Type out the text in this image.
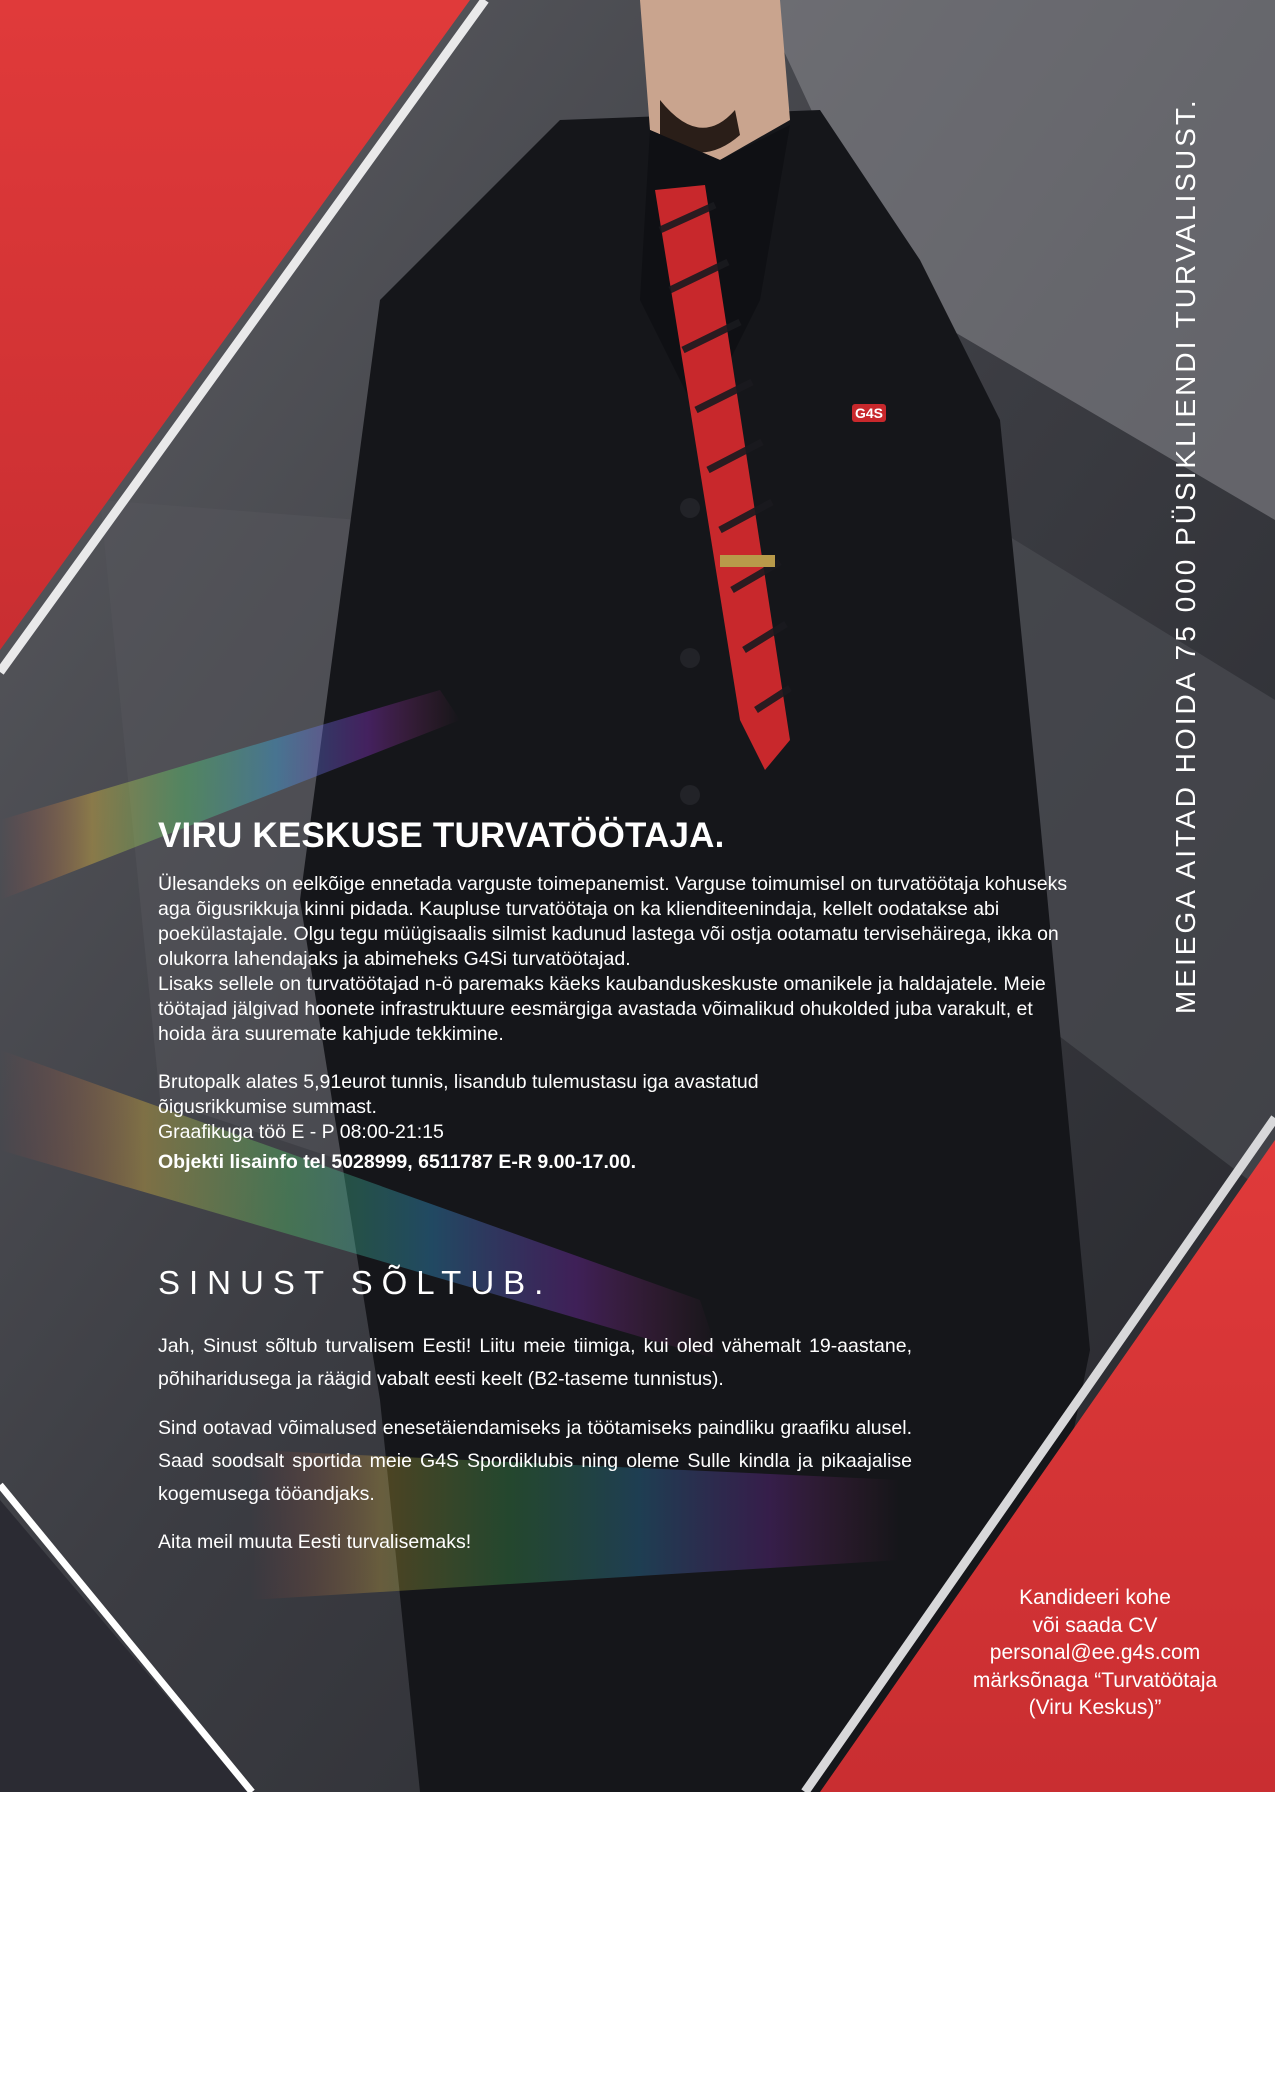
VIRU KESKUSE TURVATÖÖTAJA.

Ülesandeks on eelkõige ennetada varguste toimepanemist. Varguse toimumisel on turvatöötaja kohuseks aga õigusrikkuja kinni pidada. Kaupluse turvatöötaja on ka klienditeenindaja, kellelt oodatakse abi poekülastajale. Olgu tegu müügisaalis silmist kadunud lastega või ostja ootamatu tervisehäirega, ikka on olukorra lahendajaks ja abimeheks G4Si turvatöötajad.

Lisaks sellele on turvatöötajad n-ö paremaks käeks kaubanduskeskuste omanikele ja haldajatele. Meie töötajad jälgivad hoonete infrastruktuure eesmärgiga avastada võimalikud ohukolded juba varakult, et hoida ära suuremate kahjude tekkimine.

Brutopalk alates 5,91eurot tunnis, lisandub tulemustasu iga avastatud õigusrikkumise summast.

Graafikuga töö E - P 08:00-21:15

Objekti lisainfo tel 5028999, 6511787 E-R 9.00-17.00.
SINUST SÕLTUB.
Jah, Sinust sõltub turvalisem Eesti! Liitu meie tiimiga, kui oled vähemalt 19-aastane, põhiharidusega ja räägid vabalt eesti keelt (B2-taseme tunnistus).
Sind ootavad võimalused enesetäiendamiseks ja töötamiseks paindliku graafiku alusel. Saad soodsalt sportida meie G4S Spordiklubis ning oleme Sulle kindla ja pikaajalise kogemusega tööandjaks.
Aita meil muuta Eesti turvalisemaks!
MEIEGA AITAD HOIDA 75 000 PÜSIKLIENDI TURVALISUST.
Kandideeri kohe
või saada CV
personal@ee.g4s.com
märksõnaga “Turvatöötaja
(Viru Keskus)”
G4S
